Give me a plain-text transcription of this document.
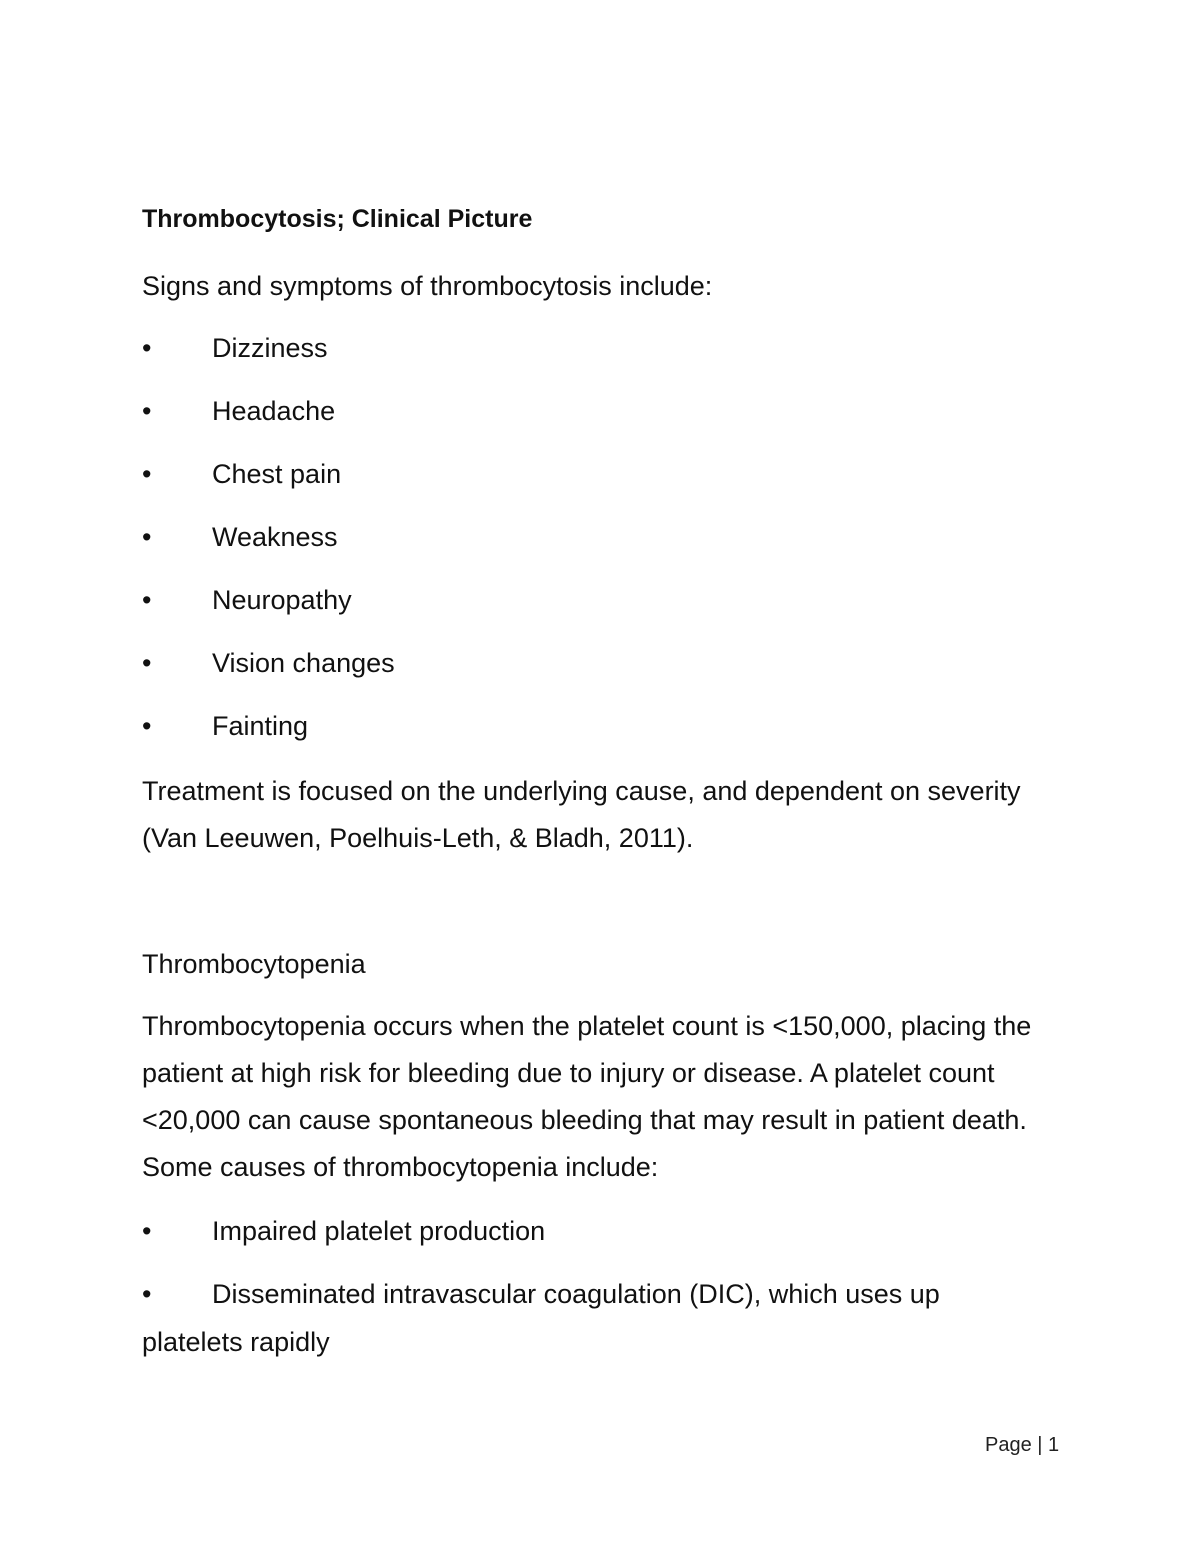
Thrombocytosis; Clinical Picture
Signs and symptoms of thrombocytosis include:
•	Dizziness
•	Headache
•	Chest pain
•	Weakness
•	Neuropathy
•	Vision changes
•	Fainting
Treatment is focused on the underlying cause, and dependent on severity
(Van Leeuwen, Poelhuis-Leth, & Bladh, 2011).
Thrombocytopenia
Thrombocytopenia occurs when the platelet count is <150,000, placing the
patient at high risk for bleeding due to injury or disease. A platelet count
<20,000 can cause spontaneous bleeding that may result in patient death.
Some causes of thrombocytopenia include:
•	Impaired platelet production
•	Disseminated intravascular coagulation (DIC), which uses up
platelets rapidly
Page | 1
